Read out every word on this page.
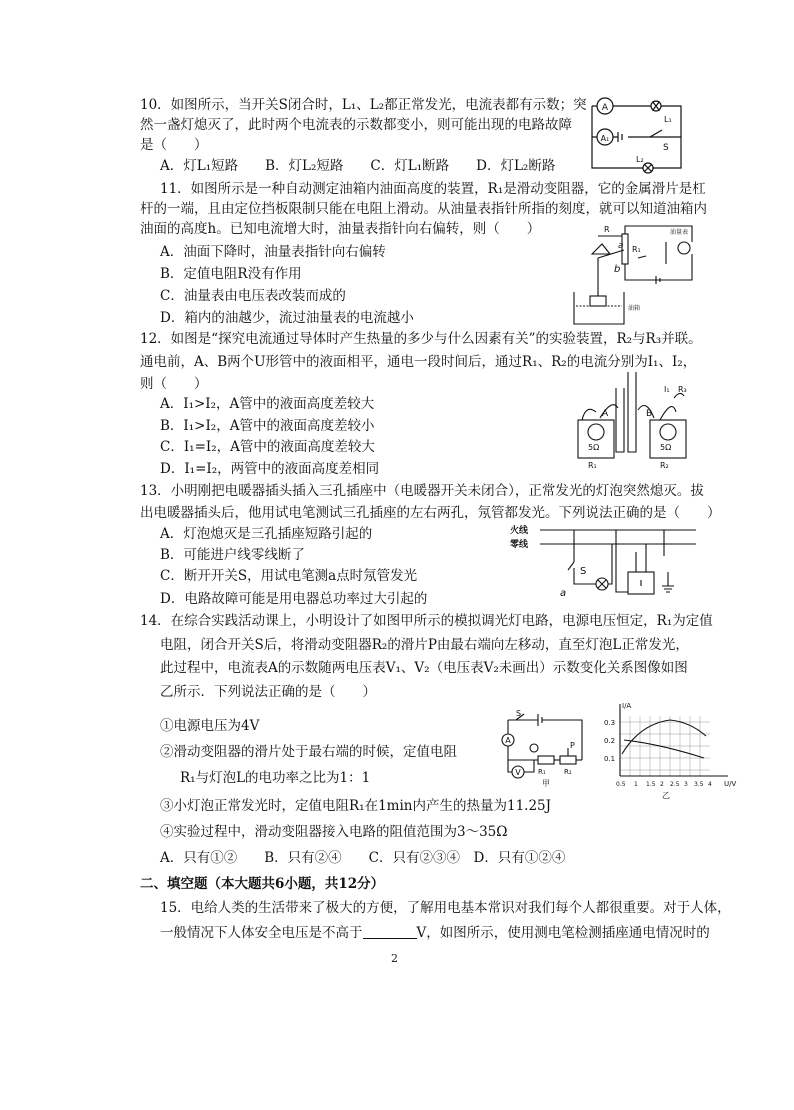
10．如图所示，当开关S闭合时，L₁、L₂都正常发光，电流表都有示数；突
然一盏灯熄灭了，此时两个电流表的示数都变小，则可能出现的电路故障
是（　　）
A．灯L₁短路　　B．灯L₂短路　　C．灯L₁断路　　D．灯L₂断路
A
A₁
L₁
S
L₂
11．如图所示是一种自动测定油箱内油面高度的装置，R₁是滑动变阻器，它的金属滑片是杠
杆的一端，且由定位挡板限制只能在电阻上滑动。从油量表指针所指的刻度，就可以知道油箱内
油面的高度h。已知电流增大时，油量表指针向右偏转，则（　　）
A．油面下降时，油量表指针向右偏转
B．定值电阻R没有作用
C．油量表由电压表改装而成的
D．箱内的油越少，流过油量表的电流越小
a
b
R₁
R	油量表
油箱
12．如图是“探究电流通过导体时产生热量的多少与什么因素有关”的实验装置，R₂与R₃并联。
通电前，A、B两个U形管中的液面相平，通电一段时间后，通过R₁、R₂的电流分别为I₁、I₂，
则（　　）
A．I₁>I₂，A管中的液面高度差较大
B．I₁>I₂，A管中的液面高度差较小
C．I₁=I₂，A管中的液面高度差较大
D．I₁=I₂，两管中的液面高度差相同
A	B
I₁ R₃
5Ω	5Ω
R₁	R₂
13．小明刚把电暖器插头插入三孔插座中（电暖器开关未闭合），正常发光的灯泡突然熄灭。拔
出电暖器插头后，他用试电笔测试三孔插座的左右两孔，氖管都发光。下列说法正确的是（　　）
A．灯泡熄灭是三孔插座短路引起的
B．可能进户线零线断了
C．断开开关S，用试电笔测a点时氖管发光
D．电路故障可能是用电器总功率过大引起的
火线
零线
S
a
14．在综合实践活动课上，小明设计了如图甲所示的模拟调光灯电路，电源电压恒定，R₁为定值
电阻，闭合开关S后，将滑动变阻器R₂的滑片P由最右端向左移动，直至灯泡L正常发光，
此过程中，电流表A的示数随两电压表V₁、V₂（电压表V₂未画出）示数变化关系图像如图
乙所示．下列说法正确的是（　　）
①电源电压为4V
②滑动变阻器的滑片处于最右端的时候，定值电阻
R₁与灯泡L的电功率之比为1：1
③小灯泡正常发光时，定值电阻R₁在1min内产生的热量为11.25J
④实验过程中，滑动变阻器接入电路的阻值范围为3～35Ω
A．只有①②　　B．只有②④　　C．只有②③④　D．只有①②④
S
P
R₁	R₂
A
V
甲
I/A
U/V
0.3
0.2
0.1
0.5 1 1.5 2 2.5 3 3.5 4
乙
二、填空题（本大题共6小题，共12分）
15．电给人类的生活带来了极大的方便，了解用电基本常识对我们每个人都很重要。对于人体，
一般情况下人体安全电压是不高于	V，如图所示，使用测电笔检测插座通电情况时的
2
